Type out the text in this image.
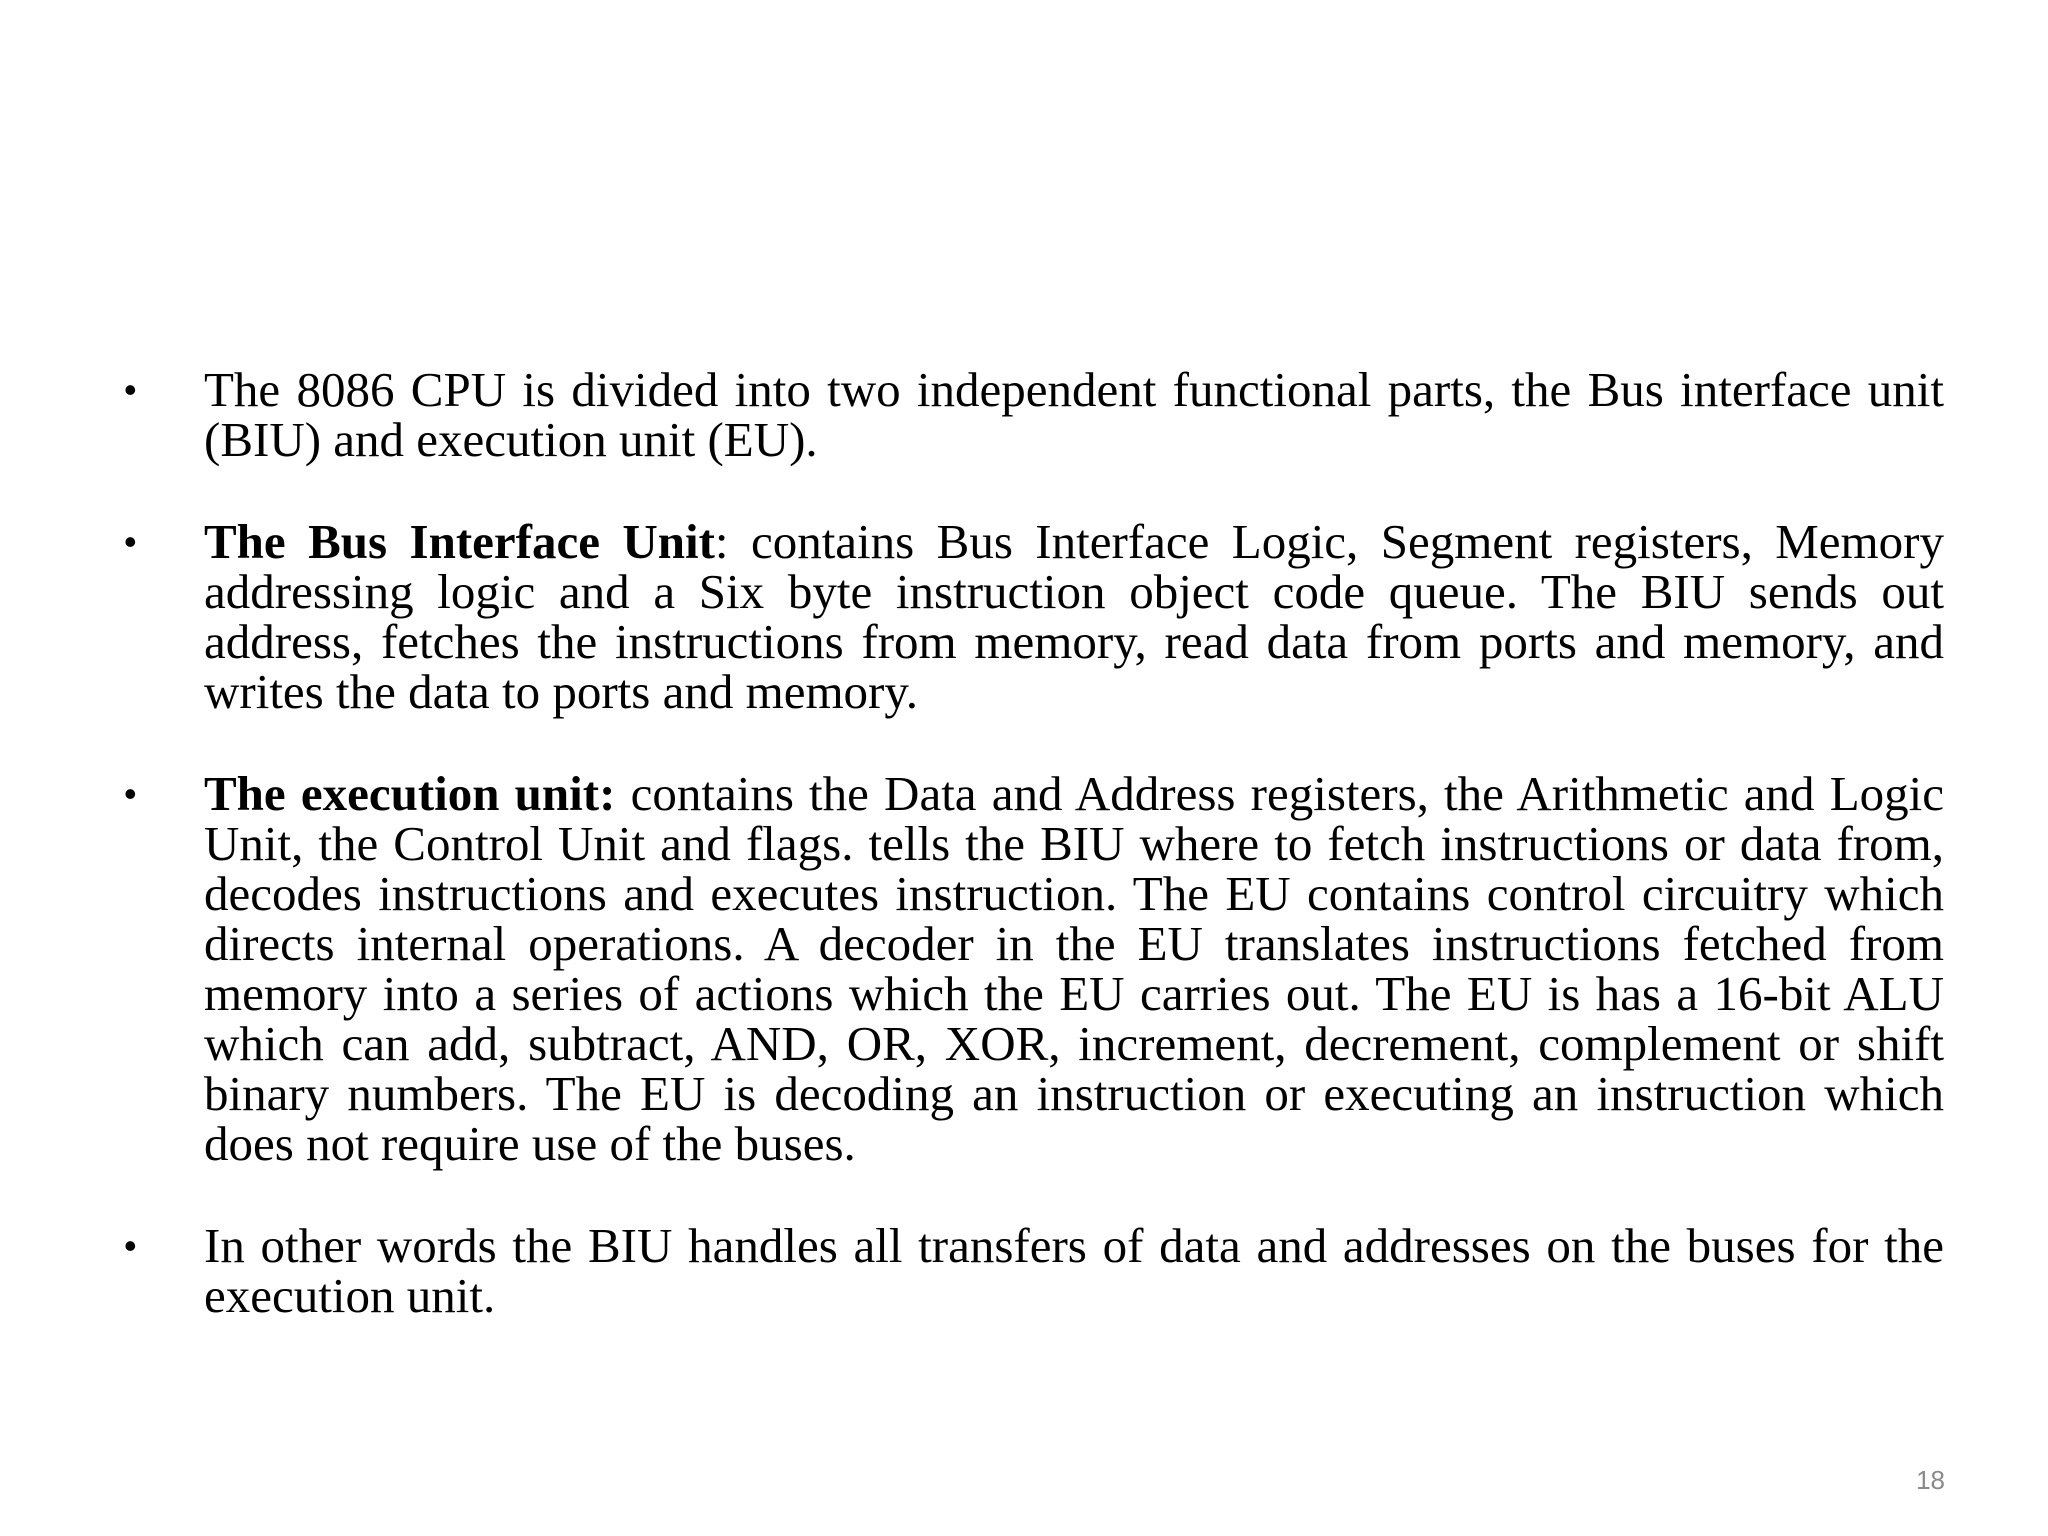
•	The 8086 CPU is divided into two independent functional parts, the Bus interface unit (BIU) and execution unit (EU).
•	The Bus Interface Unit: contains Bus Interface Logic, Segment registers, Memory addressing logic and a Six byte instruction object code queue. The BIU sends out address, fetches the instructions from memory, read data from ports and memory, and writes the data to ports and memory.
•	The execution unit: contains the Data and Address registers, the Arithmetic and Logic Unit, the Control Unit and flags. tells the BIU where to fetch instructions or data from, decodes instructions and executes instruction. The EU contains control circuitry which directs internal operations. A decoder in the EU translates instructions fetched from memory into a series of actions which the EU carries out. The EU is has a 16-bit ALU which can add, subtract, AND, OR, XOR, increment, decrement, complement or shift binary numbers. The EU is decoding an instruction or executing an instruction which does not require use of the buses.
•	In other words the BIU handles all transfers of data and addresses on the buses for the execution unit.
18
